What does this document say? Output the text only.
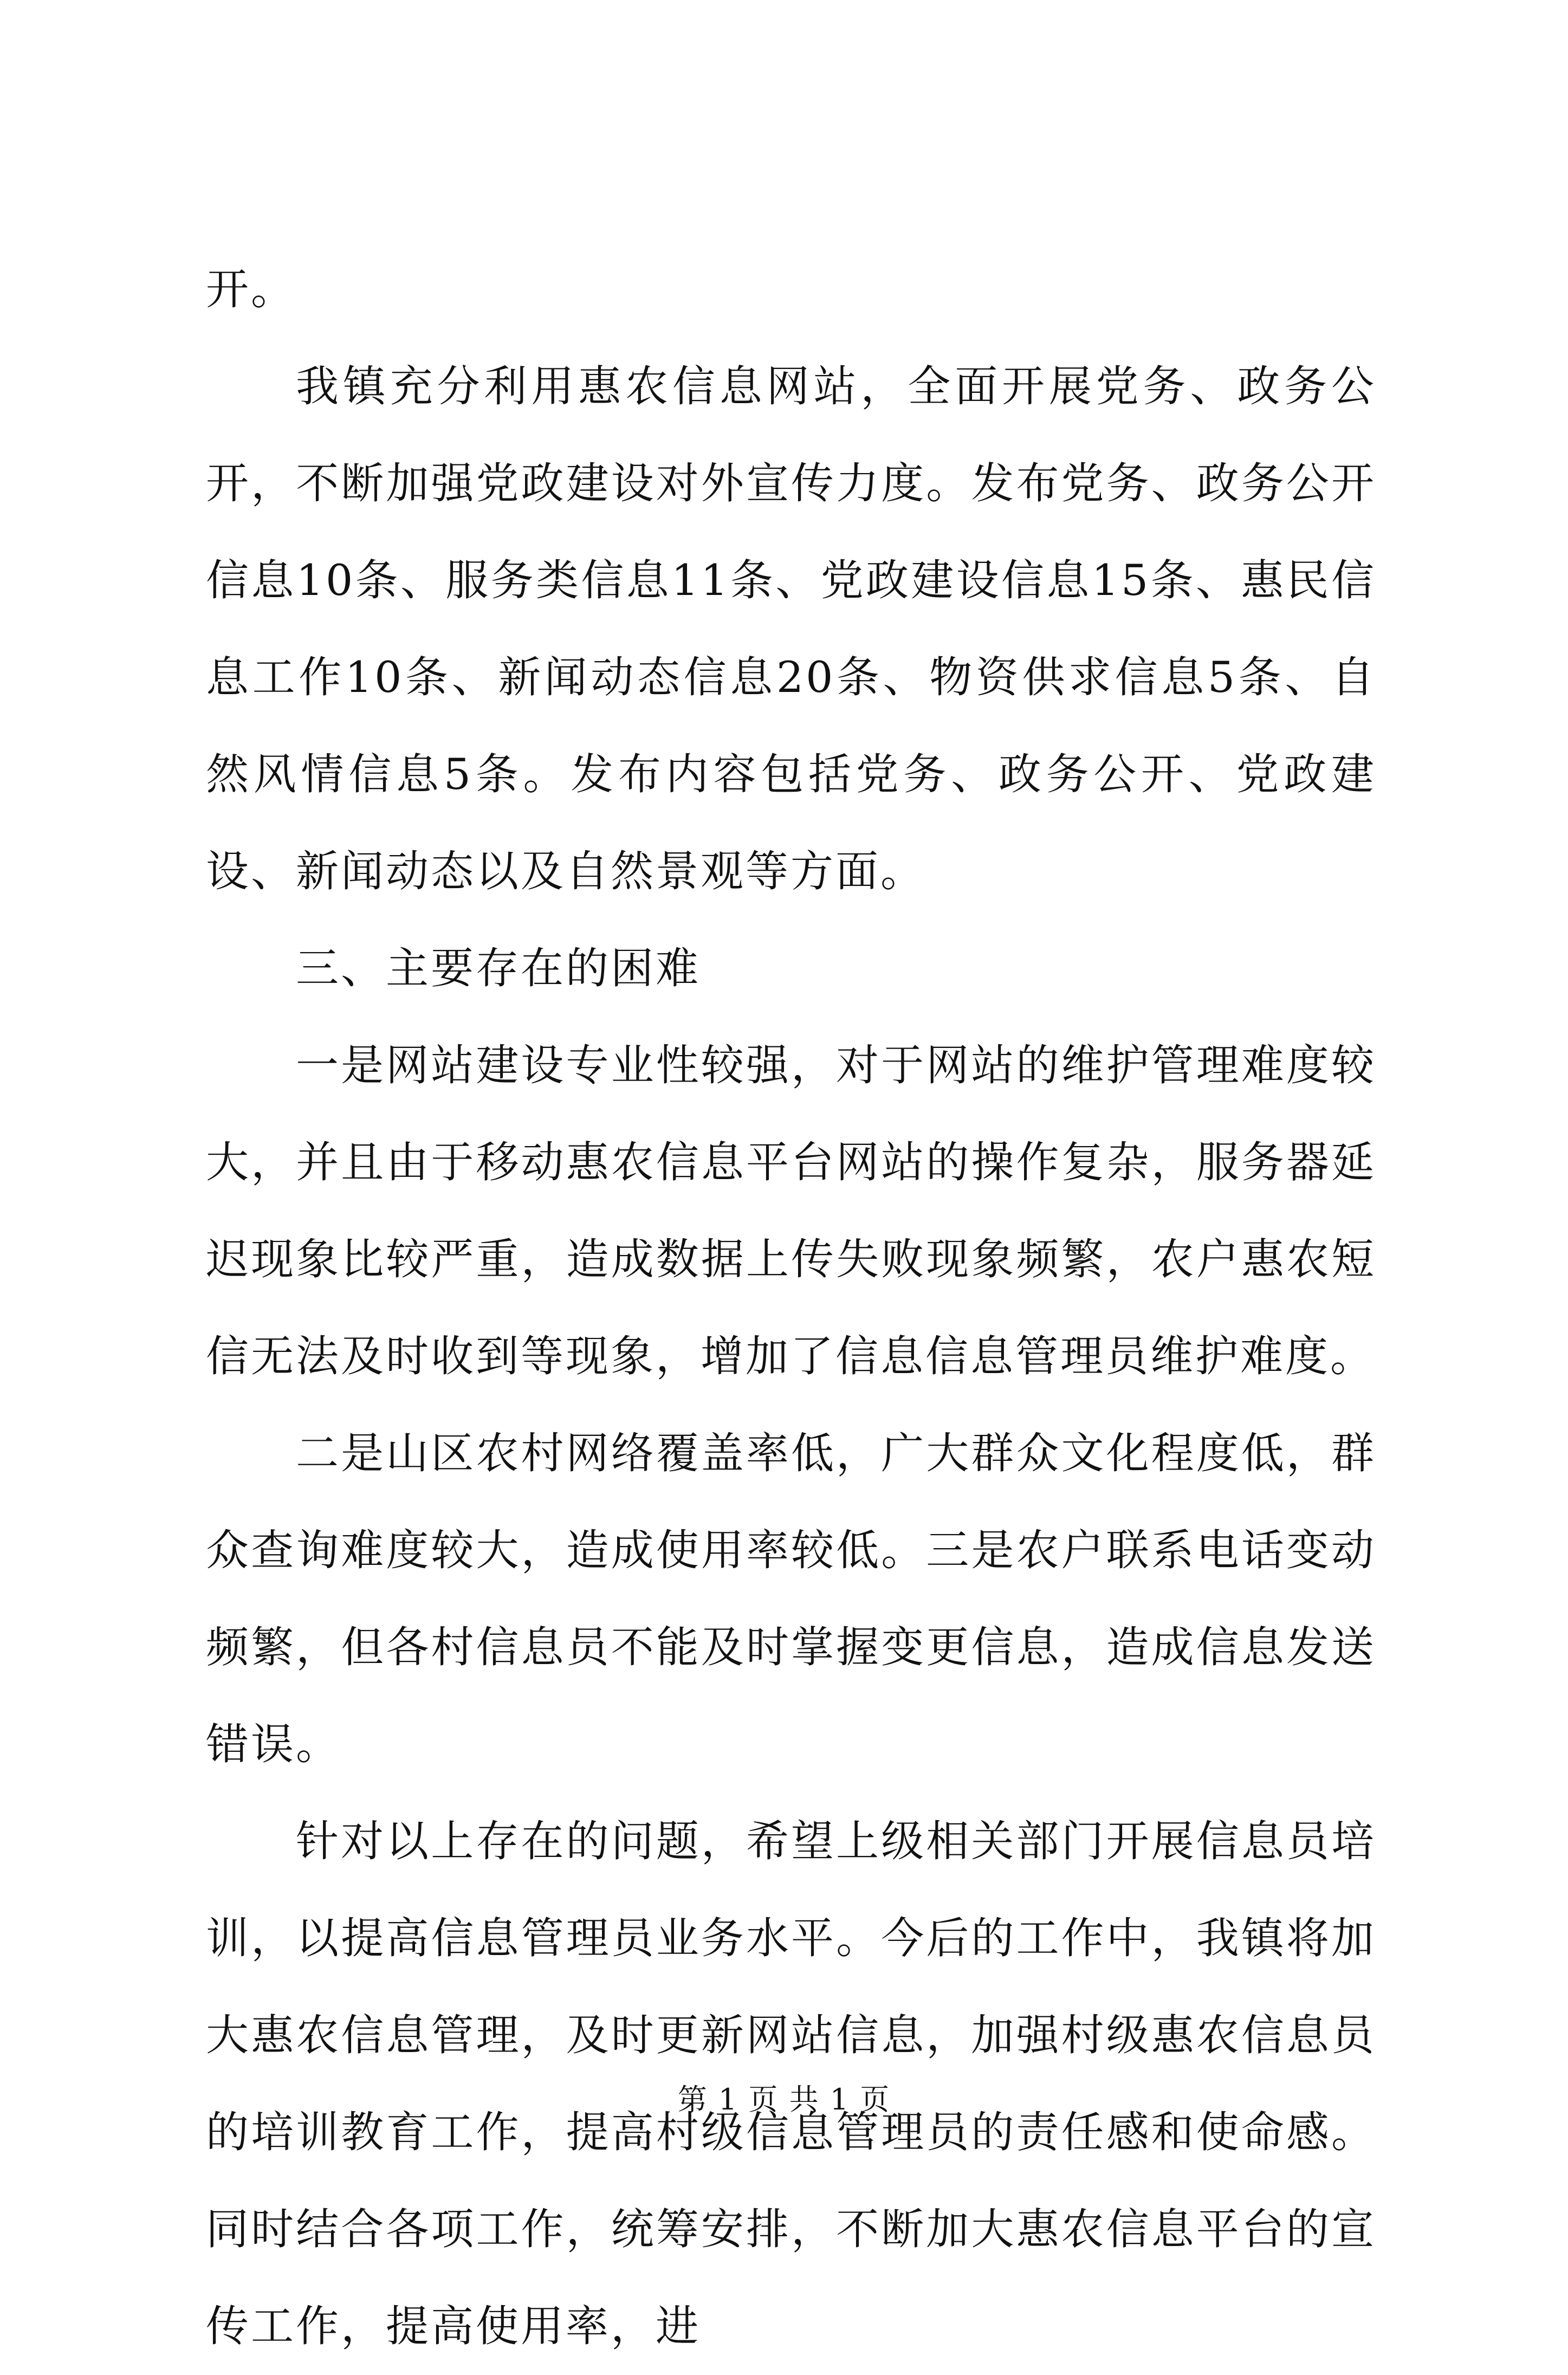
开。

我镇充分利用惠农信息网站，全面开展党务、政务公开，不断加强党政建设对外宣传力度。发布党务、政务公开信息10条、服务类信息11条、党政建设信息15条、惠民信息工作10条、新闻动态信息20条、物资供求信息5条、自然风情信息5条。发布内容包括党务、政务公开、党政建设、新闻动态以及自然景观等方面。

三、主要存在的困难

一是网站建设专业性较强，对于网站的维护管理难度较大，并且由于移动惠农信息平台网站的操作复杂，服务器延迟现象比较严重，造成数据上传失败现象频繁，农户惠农短信无法及时收到等现象，增加了信息信息管理员维护难度。

二是山区农村网络覆盖率低，广大群众文化程度低，群众查询难度较大，造成使用率较低。三是农户联系电话变动频繁，但各村信息员不能及时掌握变更信息，造成信息发送错误。

针对以上存在的问题，希望上级相关部门开展信息员培训，以提高信息管理员业务水平。今后的工作中，我镇将加大惠农信息管理，及时更新网站信息，加强村级惠农信息员的培训教育工作，提高村级信息管理员的责任感和使命感。同时结合各项工作，统筹安排，不断加大惠农信息平台的宣传工作，提高使用率，进

第 1 页 共 1 页
